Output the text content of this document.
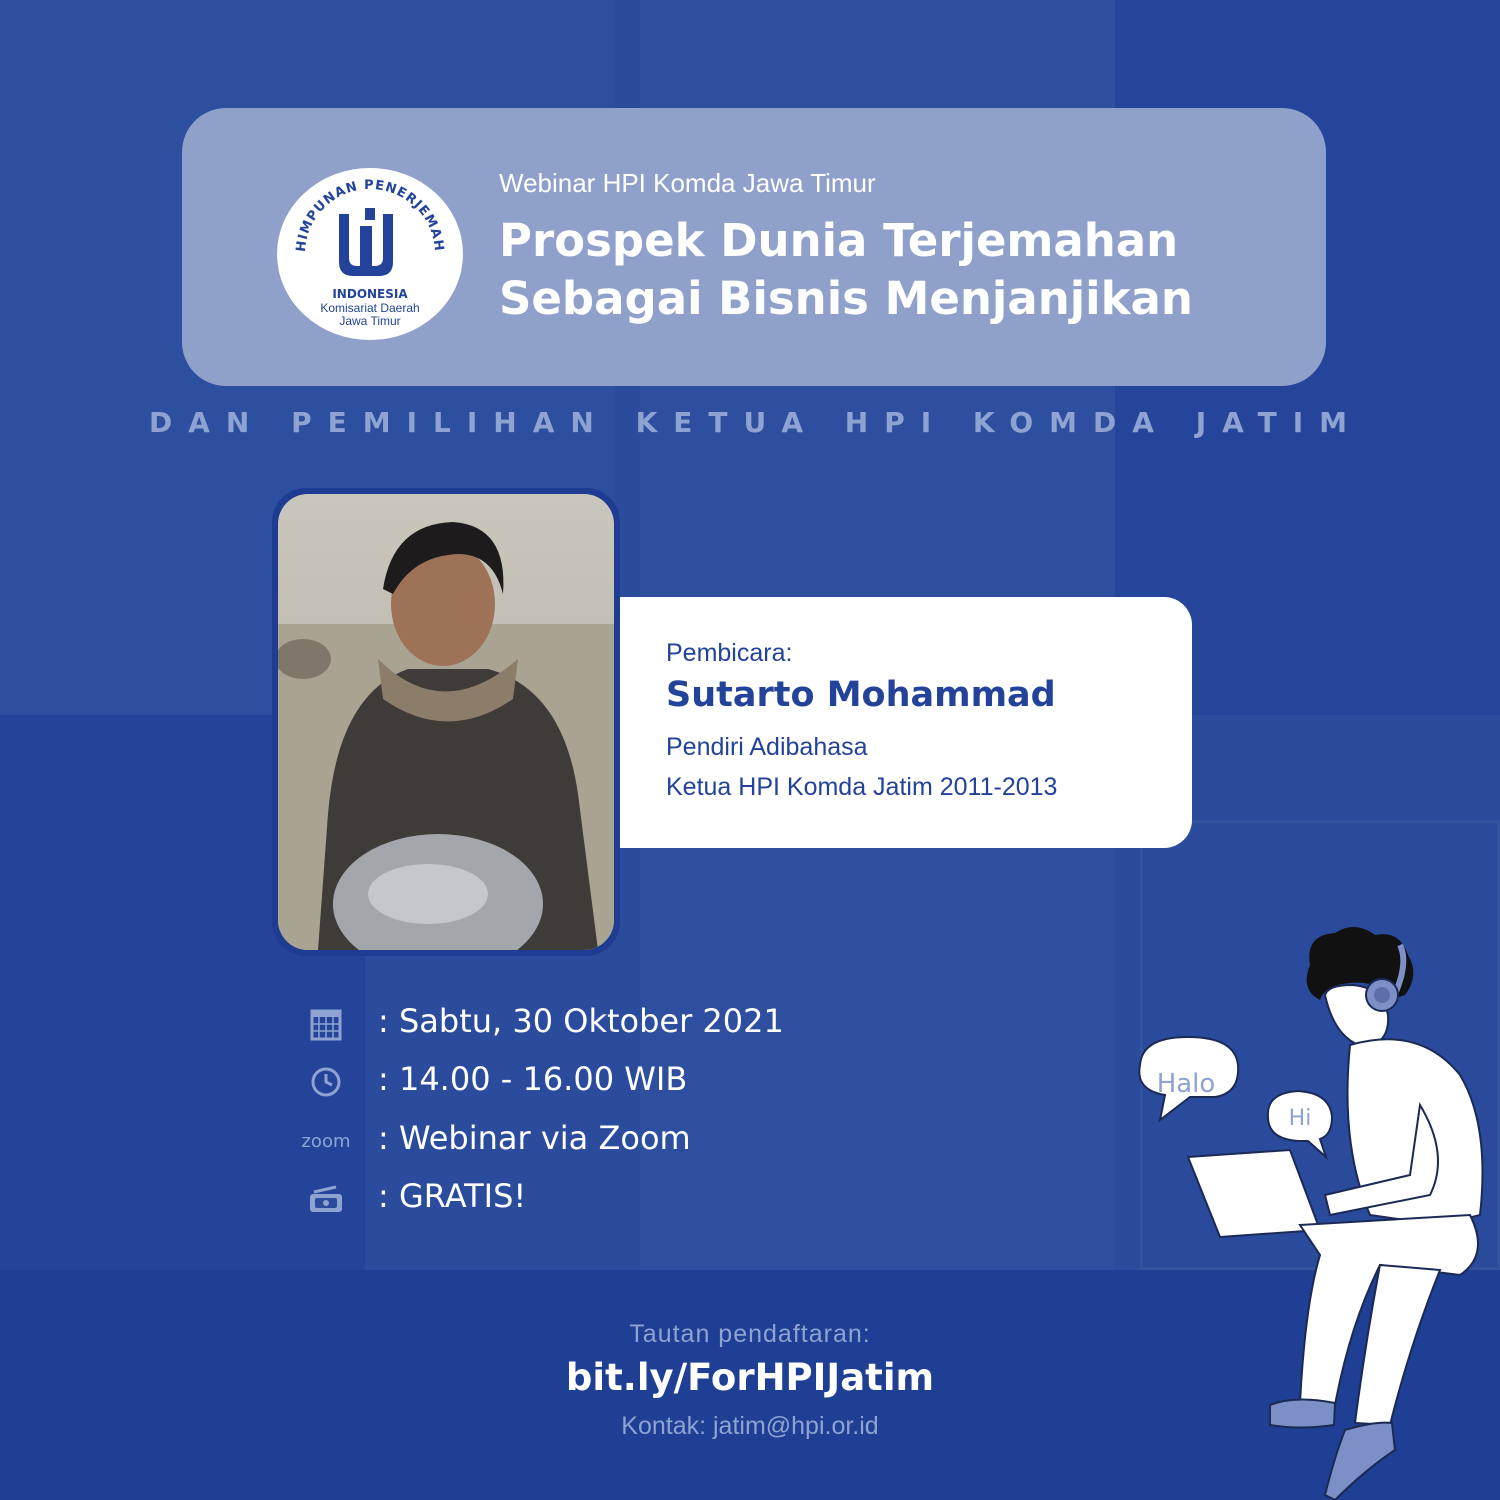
HIMPUNAN PENERJEMAH
INDONESIA
Komisariat Daerah
Jawa Timur
Webinar HPI Komda Jawa Timur
Prospek Dunia Terjemahan
Sebagai Bisnis Menjanjikan
DAN PEMILIHAN KETUA HPI KOMDA JATIM
Pembicara:
Sutarto Mohammad
Pendiri Adibahasa
Ketua HPI Komda Jatim 2011-2013
: Sabtu, 30 Oktober 2021
: 14.00 - 16.00 WIB
zoom : Webinar via Zoom
: GRATIS!
Tautan pendaftaran:
bit.ly/ForHPIJatim
Kontak: jatim@hpi.or.id
Halo
Hi
